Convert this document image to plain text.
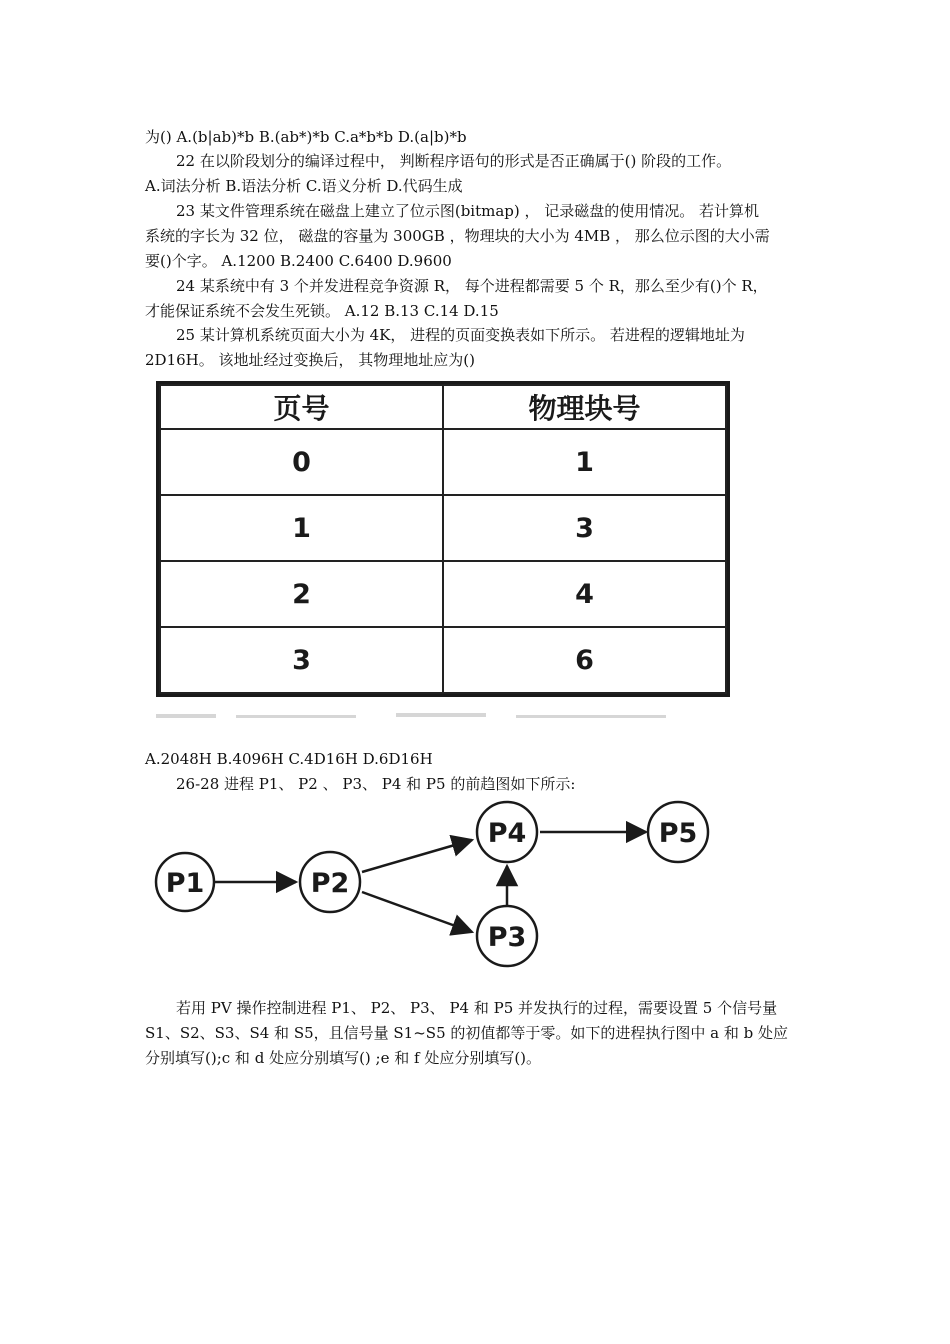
为() A.(b|ab)*b B.(ab*)*b C.a*b*b D.(a|b)*b
22 在以阶段划分的编译过程中， 判断程序语句的形式是否正确属于() 阶段的工作。
A.词法分析 B.语法分析 C.语义分析 D.代码生成
23 某文件管理系统在磁盘上建立了位示图(bitmap) ， 记录磁盘的使用情况。 若计算机
系统的字长为 32 位， 磁盘的容量为 300GB ，物理块的大小为 4MB ， 那么位示图的大小需
要()个字。 A.1200 B.2400 C.6400 D.9600
24 某系统中有 3 个并发进程竞争资源 R， 每个进程都需要 5 个 R，那么至少有()个 R，
才能保证系统不会发生死锁。 A.12 B.13 C.14 D.15
25 某计算机系统页面大小为 4K， 进程的页面变换表如下所示。 若进程的逻辑地址为
2D16H。 该地址经过变换后， 其物理地址应为()
页号	物理块号
0	1
1	3
2	4
3	6
A.2048H B.4096H C.4D16H D.6D16H
26-28 进程 P1、 P2 、 P3、 P4 和 P5 的前趋图如下所示:
P1	P2
P3
P4	P5
若用 PV 操作控制进程 P1、 P2、 P3、 P4 和 P5 并发执行的过程，需要设置 5 个信号量
S1、S2、S3、S4 和 S5，且信号量 S1~S5 的初值都等于零。如下的进程执行图中 a 和 b 处应
分别填写();c 和 d 处应分别填写() ;e 和 f 处应分别填写()。
